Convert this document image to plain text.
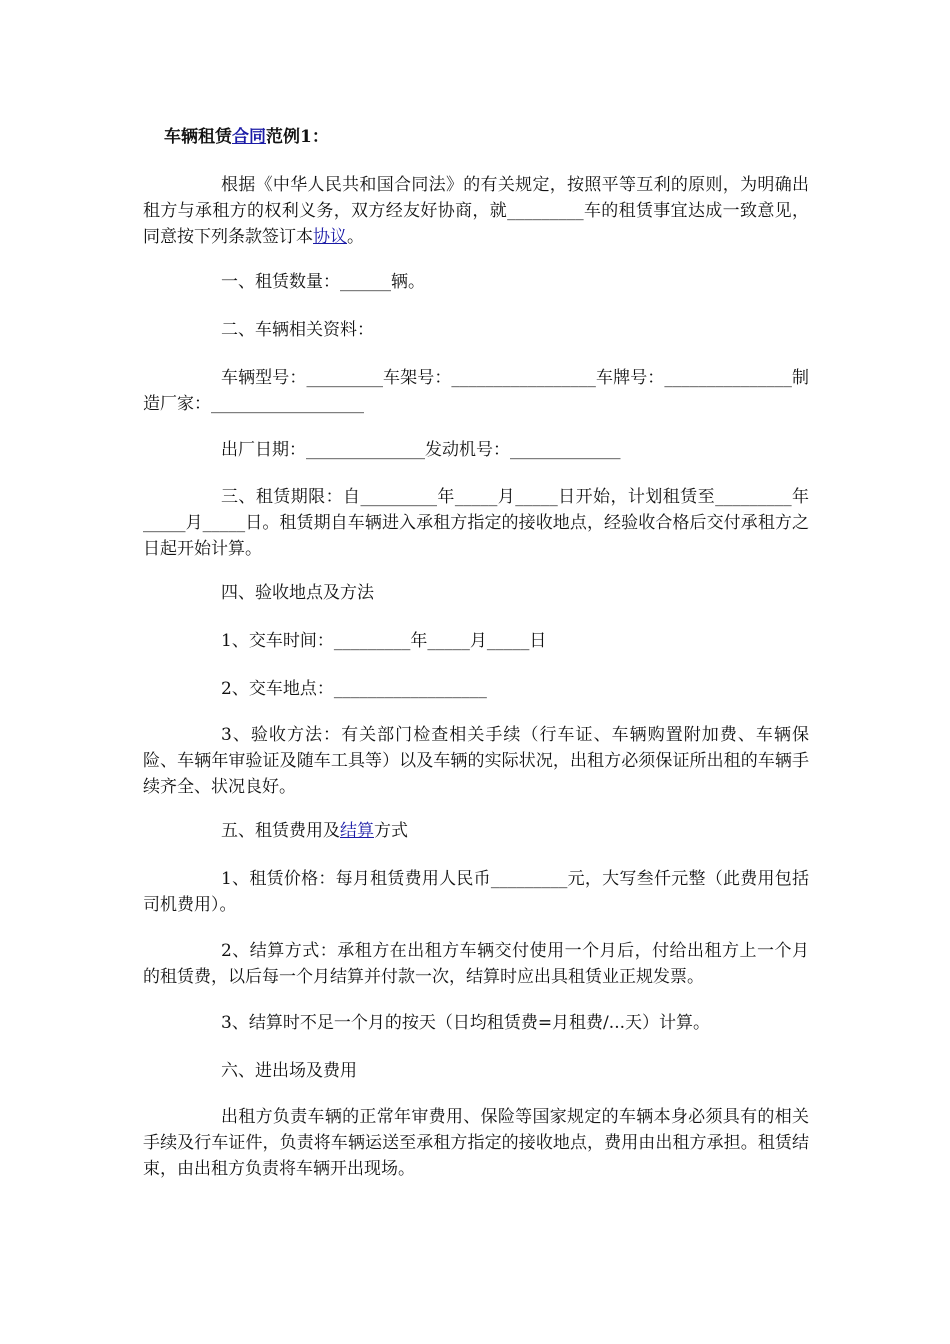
车辆租赁合同范例1：
根据《中华人民共和国合同法》的有关规定，按照平等互利的原则，为明确出租方与承租方的权利义务，双方经友好协商，就_________车的租赁事宜达成一致意见，同意按下列条款签订本协议。
一、租赁数量：______辆。
二、车辆相关资料：
车辆型号：_________车架号：_________________车牌号：_______________制造厂家：__________________
出厂日期：______________发动机号：_____________
三、租赁期限：自_________年_____月_____日开始，计划租赁至_________年_____月_____日。租赁期自车辆进入承租方指定的接收地点，经验收合格后交付承租方之日起开始计算。
四、验收地点及方法
1、交车时间：_________年_____月_____日
2、交车地点：__________________
3、验收方法：有关部门检查相关手续（行车证、车辆购置附加费、车辆保险、车辆年审验证及随车工具等）以及车辆的实际状况，出租方必须保证所出租的车辆手续齐全、状况良好。
五、租赁费用及结算方式
1、租赁价格：每月租赁费用人民币_________元，大写叁仟元整（此费用包括司机费用）。
2、结算方式：承租方在出租方车辆交付使用一个月后，付给出租方上一个月的租赁费，以后每一个月结算并付款一次，结算时应出具租赁业正规发票。
3、结算时不足一个月的按天（日均租赁费=月租费/...天）计算。
六、进出场及费用
出租方负责车辆的正常年审费用、保险等国家规定的车辆本身必须具有的相关手续及行车证件，负责将车辆运送至承租方指定的接收地点，费用由出租方承担。租赁结束，由出租方负责将车辆开出现场。
